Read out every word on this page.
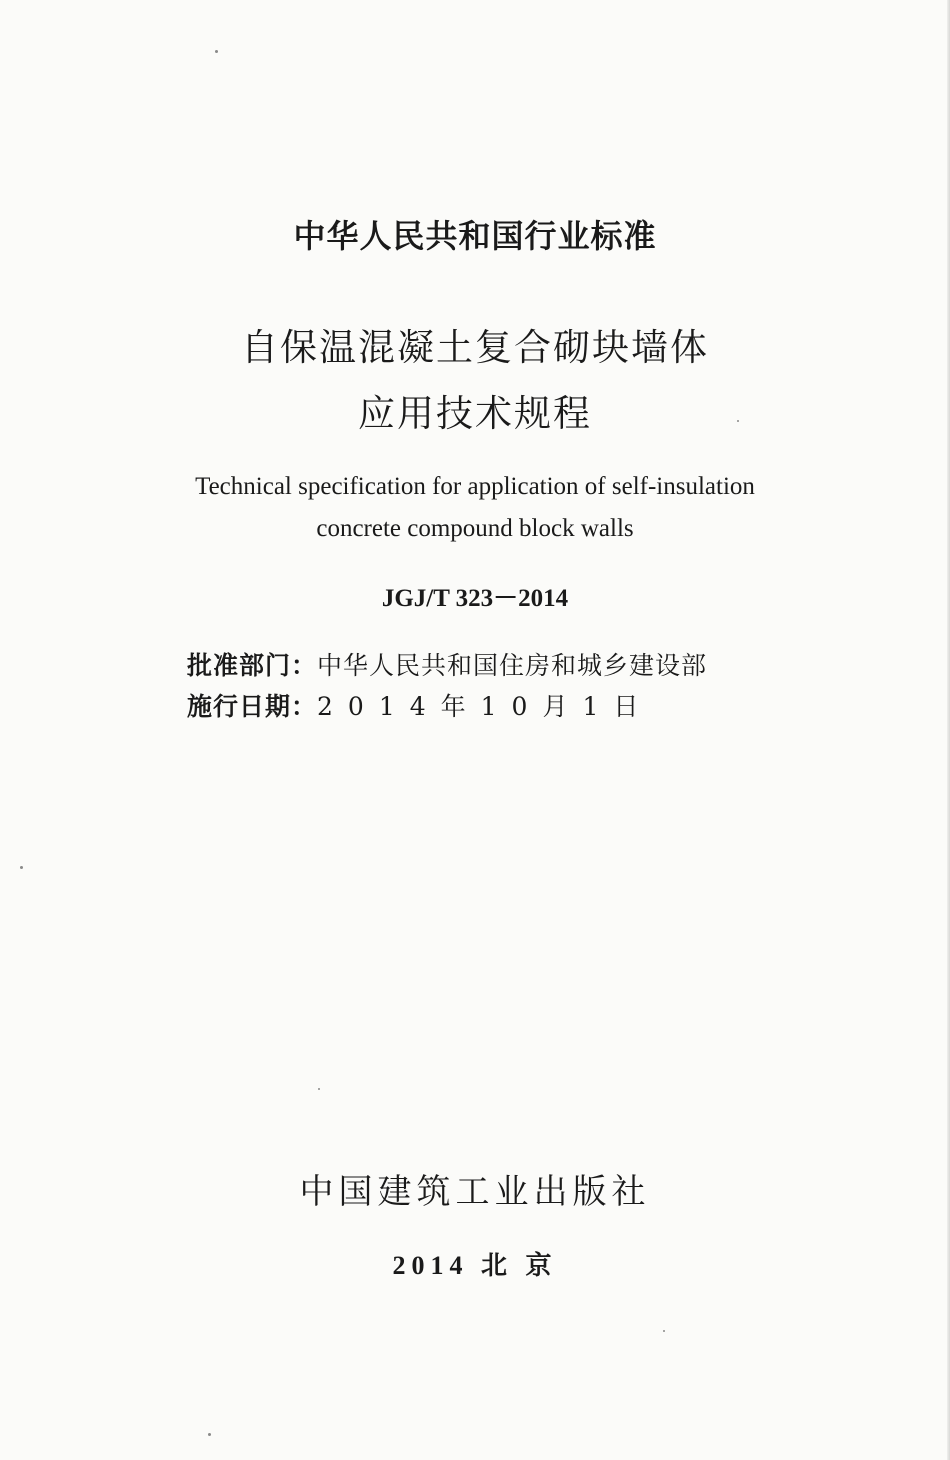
中华人民共和国行业标准
自保温混凝土复合砌块墙体
应用技术规程
Technical specification for application of self-insulation
concrete compound block walls
JGJ/T 323－2014
批准部门：中华人民共和国住房和城乡建设部
施行日期：2014年10月1日
中国建筑工业出版社
2014 北 京
